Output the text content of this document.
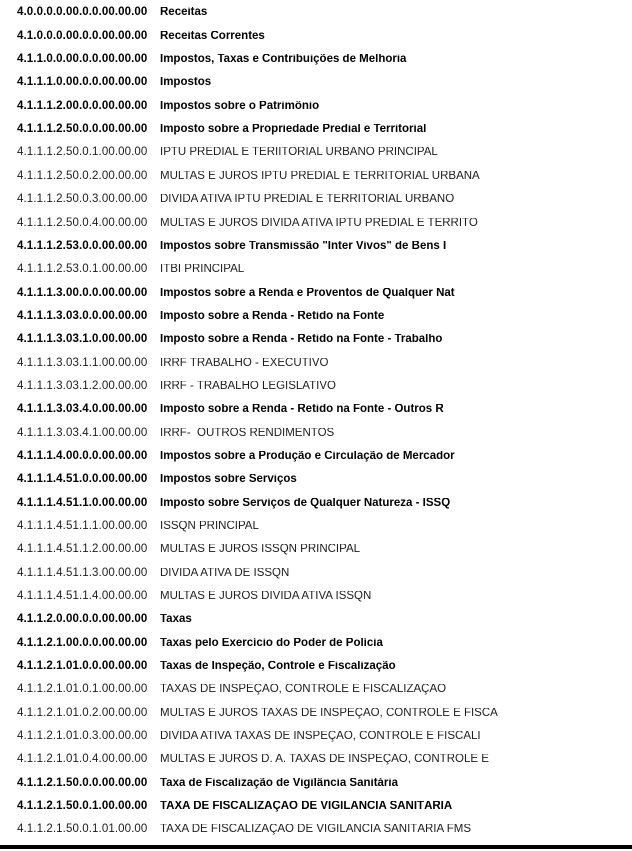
4.0.0.0.0.00.0.0.00.00.00	Receitas
4.1.0.0.0.00.0.0.00.00.00	Receitas Correntes
4.1.1.0.0.00.0.0.00.00.00	Impostos, Taxas e Contribuições de Melhoria
4.1.1.1.0.00.0.0.00.00.00	Impostos
4.1.1.1.2.00.0.0.00.00.00	Impostos sobre o Patrimônio
4.1.1.1.2.50.0.0.00.00.00	Imposto sobre a Propriedade Predial e Territorial
4.1.1.1.2.50.0.1.00.00.00	IPTU PREDIAL E TERIITORIAL URBANO PRINCIPAL
4.1.1.1.2.50.0.2.00.00.00	MULTAS E JUROS IPTU PREDIAL E TERRITORIAL URBANA
4.1.1.1.2.50.0.3.00.00.00	DIVIDA ATIVA IPTU PREDIAL E TERRITORIAL URBANO
4.1.1.1.2.50.0.4.00.00.00	MULTAS E JUROS DIVIDA ATIVA IPTU PREDIAL E TERRITO
4.1.1.1.2.53.0.0.00.00.00	Impostos sobre Transmissão "Inter Vivos" de Bens I
4.1.1.1.2.53.0.1.00.00.00	ITBI PRINCIPAL
4.1.1.1.3.00.0.0.00.00.00	Impostos sobre a Renda e Proventos de Qualquer Nat
4.1.1.1.3.03.0.0.00.00.00	Imposto sobre a Renda - Retido na Fonte
4.1.1.1.3.03.1.0.00.00.00	Imposto sobre a Renda - Retido na Fonte - Trabalho
4.1.1.1.3.03.1.1.00.00.00	IRRF TRABALHO - EXECUTIVO
4.1.1.1.3.03.1.2.00.00.00	IRRF - TRABALHO LEGISLATIVO
4.1.1.1.3.03.4.0.00.00.00	Imposto sobre a Renda - Retido na Fonte - Outros R
4.1.1.1.3.03.4.1.00.00.00	IRRF-  OUTROS RENDIMENTOS
4.1.1.1.4.00.0.0.00.00.00	Impostos sobre a Produção e Circulação de Mercador
4.1.1.1.4.51.0.0.00.00.00	Impostos sobre Serviços
4.1.1.1.4.51.1.0.00.00.00	Imposto sobre Serviços de Qualquer Natureza - ISSQ
4.1.1.1.4.51.1.1.00.00.00	ISSQN PRINCIPAL
4.1.1.1.4.51.1.2.00.00.00	MULTAS E JUROS ISSQN PRINCIPAL
4.1.1.1.4.51.1.3.00.00.00	DIVIDA ATIVA DE ISSQN
4.1.1.1.4.51.1.4.00.00.00	MULTAS E JUROS DIVIDA ATIVA ISSQN
4.1.1.2.0.00.0.0.00.00.00	Taxas
4.1.1.2.1.00.0.0.00.00.00	Taxas pelo Exercício do Poder de Polícia
4.1.1.2.1.01.0.0.00.00.00	Taxas de Inspeção, Controle e Fiscalização
4.1.1.2.1.01.0.1.00.00.00	TAXAS DE INSPEÇÃO, CONTROLE E FISCALIZAÇÃO
4.1.1.2.1.01.0.2.00.00.00	MULTAS E JUROS TAXAS DE INSPEÇÃO, CONTROLE E FISCA
4.1.1.2.1.01.0.3.00.00.00	DIVIDA ATIVA TAXAS DE INSPEÇÃO, CONTROLE E FISCALI
4.1.1.2.1.01.0.4.00.00.00	MULTAS E JUROS D. A. TAXAS DE INSPEÇÃO, CONTROLE E
4.1.1.2.1.50.0.0.00.00.00	Taxa de Fiscalização de Vigilância Sanitária
4.1.1.2.1.50.0.1.00.00.00	TAXA DE FISCALIZAÇÃO DE VIGILANCIA SANITÁRIA
4.1.1.2.1.50.0.1.01.00.00	TAXA DE FISCALIZAÇÃO DE VIGILÂNCIA SANITÁRIA FMS
